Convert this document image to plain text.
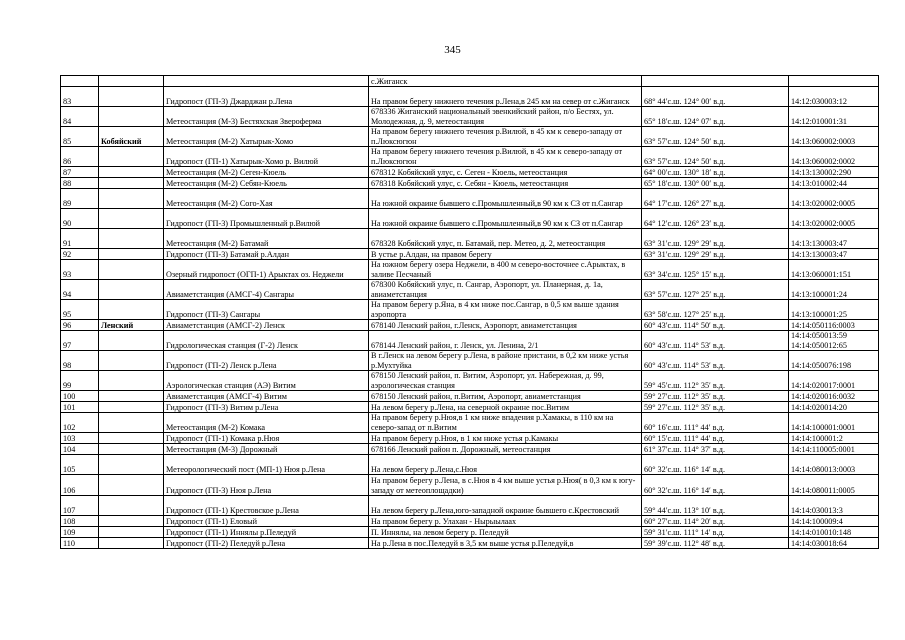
345
			с.Жиганск		

83		Гидропост (ГП-3) Джарджан р.Лена	На правом берегу нижнего течения р.Лена,в 245 км на север от с.Жиганск	68° 44′с.ш. 124° 00′ в.д.	14:12:030003:12

84		Метеостанция (М-3) Бестяхская Зверoферма	678336 Жиганский национальный эвенкийский район, п/о Бестях, ул. Молодежная, д. 9, метеостанция	65° 18′с.ш. 124° 07′ в.д.	14:12:010001:31

85	Кобяйский	Метеостанция (М-2) Хатырык-Хомо	На правом берегу нижнего течения р.Вилюй, в 45 км к северо-западу от п.Люксюгюн	63° 57′с.ш. 124° 50′ в.д.	14:13:060002:0003

86		Гидропост (ГП-1) Хатырык-Хомо р. Вилюй	На правом берегу нижнего течения р.Вилюй, в 45 км к северо-западу от п.Люксюгюн	63° 57′с.ш. 124° 50′ в.д.	14:13:060002:0002

87		Метеостанция (М-2) Сеген-Кюель	678312 Кобяйский улус, с. Сеген - Кюель, метеостанция	64° 00′с.ш. 130° 18′ в.д.	14:13:130002:290

88		Метеостанция (М-2) Себян-Кюель	678318 Кобяйский улус, с. Себян - Кюель, метеостанция	65° 18′с.ш. 130° 00′ в.д.	14:13:010002:44

89		Метеостанция (М-2) Сого-Хая	На южной окраине бывшего с.Промышленный,в 90 км к СЗ от п.Сангар	64° 17′с.ш. 126° 27′ в.д.	14:13:020002:0005

90		Гидропост (ГП-3) Промышленный р.Вилюй	На южной окраине бывшего с.Промышленный,в 90 км к СЗ от п.Сангар	64° 12′с.ш. 126° 23′ в.д.	14:13:020002:0005

91		Метеостанция (М-2) Батамай	678328 Кобяйский улус, п. Батамай, пер. Метео, д. 2, метеостанция	63° 31′с.ш. 129° 29′ в.д.	14:13:130003:47

92		Гидропост (ГП-3) Батамай р.Алдан	В устье р.Алдан, на правом берегу	63° 31′с.ш. 129° 29′ в.д.	14:13:130003:47

93		Озерный гидропост (ОГП-1) Арыктах оз. Неджели	На южном берегу озера Неджели, в 400 м северо-восточнее с.Арыктах, в заливе Песчаный	63° 34′с.ш. 125° 15′ в.д.	14:13:060001:151

94		Авиаметстанция (АМСГ-4) Сангары	678300 Кобяйский улус, п. Сангар, Аэропорт, ул. Планерная, д. 1а, авиаметстанция	63° 57′с.ш. 127° 25′ в.д.	14:13:100001:24

95		Гидропост (ГП-3) Сангары	На правом берегу р.Яна, в 4 км ниже пос.Сангар, в 0,5 км выше здания аэропорта	63° 58′с.ш. 127° 25′ в.д.	14:13:100001:25

96	Ленский	Авиаметстанция (АМСГ-2) Ленск	678140 Ленский район, г.Ленск, Аэропорт, авиаметстанция	60° 43′с.ш. 114° 50′ в.д.	14:14:050116:0003

97		Гидрологическая станция (Г-2) Ленск	678144 Ленский район, г. Ленск, ул. Ленина, 2/1	60° 43′с.ш. 114° 53′ в.д.	14:14:050013:59
14:14:050012:65

98		Гидропост (ГП-2) Ленск р.Лена	В г.Ленск на левом берегу р.Лена, в районе пристани, в 0,2 км ниже устья р.Мухтуйка	60° 43′с.ш. 114° 53′ в.д.	14:14:050076:198

99		Аэрологическая станция (АЭ) Витим	678150 Ленский район, п. Витим, Аэропорт, ул. Набережная, д. 99, аэрологическая станция	59° 45′с.ш. 112° 35′ в.д.	14:14:020017:0001

100		Авиаметстанция (АМСГ-4) Витим	678150 Ленский район, п.Витим, Аэропорт, авиаметстанция	59° 27′с.ш. 112° 35′ в.д.	14:14:020016:0032

101		Гидропост (ГП-3) Витим р.Лена	На левом берегу р.Лена, на северной окраине пос.Витим	59° 27′с.ш. 112° 35′ в.д.	14:14:020014:20

102		Метеостанция (М-2) Комака	На правом берегу р.Нюя,в 1 км ниже впадения р.Хамакы, в 110 км на северо-запад от п.Витим	60° 16′с.ш. 111° 44′ в.д.	14:14:100001:0001

103		Гидропост (ГП-1) Комака р.Нюя	На правом берегу р.Нюя, в 1 км ниже устья р.Камакы	60° 15′с.ш. 111° 44′ в.д.	14:14:100001:2

104		Метеостанция (М-3) Дорожный	678166 Ленский район п. Дорожный, метеостанция	61° 37′с.ш. 114° 37′ в.д.	14:14:110005:0001

105		Метеорологический пост (МП-1) Нюя р.Лена	На левом берегу р.Лена,с.Нюя	60° 32′с.ш. 116° 14′ в.д.	14:14:080013:0003

106		Гидропост (ГП-3) Нюя р.Лена	На правом берегу р.Лена, в с.Нюя в 4 км выше устья р.Нюя( в 0,3 км к югу-западу от метеоплощадки)	60° 32′с.ш. 116° 14′ в.д.	14:14:080011:0005

107		Гидропост (ГП-1) Крестовское р.Лена	На левом берегу р.Лена,юго-западной окраине бывшего с.Крестовский	59° 44′с.ш. 113° 10′ в.д.	14:14:030013:3

108		Гидропост (ГП-1) Еловый	На правом берегу р. Улахан - Нырыылаах	60° 27′с.ш. 114° 20′ в.д.	14:14:100009:4

109		Гидропост (ГП-1) Иннялы р.Пеледуй	П. Иннялы, на левом берегу р. Пеледуй	59° 31′с.ш. 111° 14′ в.д.	14:14:010010:148

110		Гидропост (ГП-2) Пеледуй р.Лена	На р.Лена в пос.Пеледуй в 3,5 км выше устья р.Пеледуй,в	59° 39′с.ш. 112° 48′ в.д.	14:14:030018:64
